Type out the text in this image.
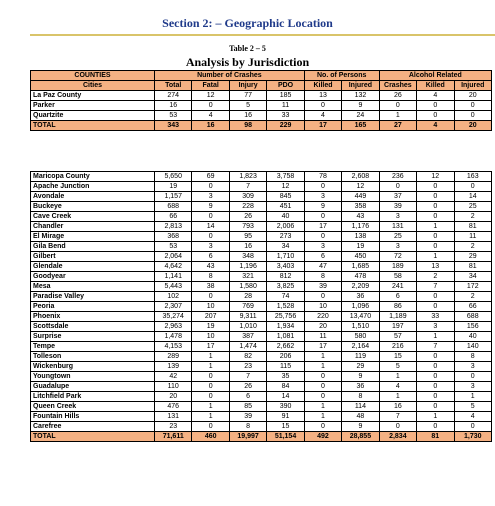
Section 2: – Geographic Location
Table 2 – 5
Analysis by Jurisdiction
COUNTIES	Number of Crashes				No. of Persons		Alcohol Related		
Cities	Total	Fatal	Injury	PDO	Killed	Injured	Crashes	Killed	Injured
La Paz County	274	12	77	185	13	132	26	4	20
Parker	16	0	5	11	0	9	0	0	0
Quartzite	53	4	16	33	4	24	1	0	0
TOTAL	343	16	98	229	17	165	27	4	20
Maricopa County	5,650	69	1,823	3,758	78	2,608	236	12	163
Apache Junction	19	0	7	12	0	12	0	0	0
Avondale	1,157	3	309	845	3	449	37	0	14
Buckeye	688	9	228	451	9	358	39	0	25
Cave Creek	66	0	26	40	0	43	3	0	2
Chandler	2,813	14	793	2,006	17	1,176	131	1	81
El Mirage	368	0	95	273	0	138	25	0	11
Gila Bend	53	3	16	34	3	19	3	0	2
Gilbert	2,064	6	348	1,710	6	450	72	1	29
Glendale	4,642	43	1,196	3,403	47	1,685	189	13	81
Goodyear	1,141	8	321	812	8	478	58	2	34
Mesa	5,443	38	1,580	3,825	39	2,209	241	7	172
Paradise Valley	102	0	28	74	0	36	6	0	2
Peoria	2,307	10	769	1,528	10	1,096	86	0	66
Phoenix	35,274	207	9,311	25,756	220	13,470	1,189	33	688
Scottsdale	2,963	19	1,010	1,934	20	1,510	197	3	156
Surprise	1,478	10	387	1,081	11	580	57	1	40
Tempe	4,153	17	1,474	2,662	17	2,164	216	7	140
Tolleson	289	1	82	206	1	119	15	0	8
Wickenburg	139	1	23	115	1	29	5	0	3
Youngtown	42	0	7	35	0	9	1	0	0
Guadalupe	110	0	26	84	0	36	4	0	3
Litchfield Park	20	0	6	14	0	8	1	0	1
Queen Creek	476	1	85	390	1	114	16	0	5
Fountain Hills	131	1	39	91	1	48	7	1	4
Carefree	23	0	8	15	0	9	0	0	0
TOTAL	71,611	460	19,997	51,154	492	28,855	2,834	81	1,730
